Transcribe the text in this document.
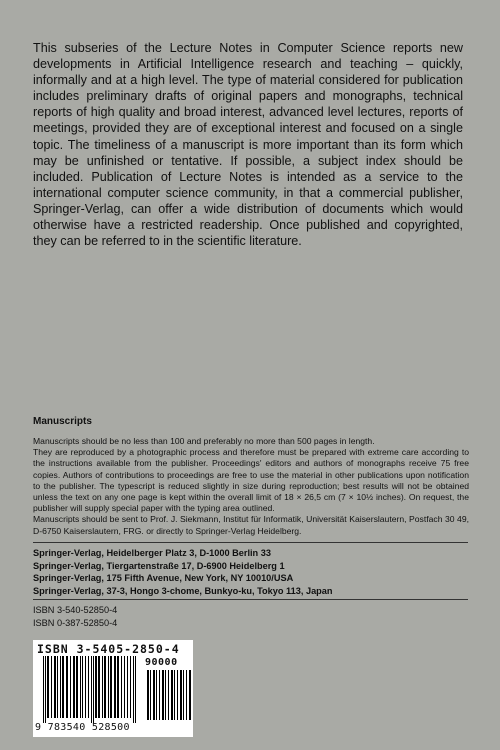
This subseries of the Lecture Notes in Computer Science reports new developments in Artificial Intelligence research and teaching – quickly, informally and at a high level. The type of material considered for publication includes preliminary drafts of original papers and monographs, technical reports of high quality and broad interest, advanced level lectures, reports of meetings, provided they are of exceptional interest and focused on a single topic. The timeliness of a manuscript is more important than its form which may be unfinished or tentative. If possible, a subject index should be included. Publication of Lecture Notes is intended as a service to the international computer science community, in that a commercial publisher, Springer-Verlag, can offer a wide distribution of documents which would otherwise have a restricted readership. Once published and copyrighted, they can be referred to in the scientific literature.
Manuscripts

Manuscripts should be no less than 100 and preferably no more than 500 pages in length.

They are reproduced by a photographic process and therefore must be prepared with extreme care according to the instructions available from the publisher. Proceedings' editors and authors of monographs receive 75 free copies. Authors of contributions to proceedings are free to use the material in other publications upon notification to the publisher. The typescript is reduced slightly in size during reproduction; best results will not be obtained unless the text on any one page is kept within the overall limit of 18 × 26,5 cm (7 × 10½ inches). On request, the publisher will supply special paper with the typing area outlined.

Manuscripts should be sent to Prof. J. Siekmann, Institut für Informatik, Universität Kaiserslautern, Postfach 30 49, D-6750 Kaiserslautern, FRG. or directly to Springer-Verlag Heidelberg.

Springer-Verlag, Heidelberger Platz 3, D-1000 Berlin 33
Springer-Verlag, Tiergartenstraße 17, D-6900 Heidelberg 1
Springer-Verlag, 175 Fifth Avenue, New York, NY 10010/USA
Springer-Verlag, 37-3, Hongo 3-chome, Bunkyo-ku, Tokyo 113, Japan
ISBN 3-540-52850-4
ISBN 0-387-52850-4
ISBN 3-5405-2850-4
90000
9 783540 528500
